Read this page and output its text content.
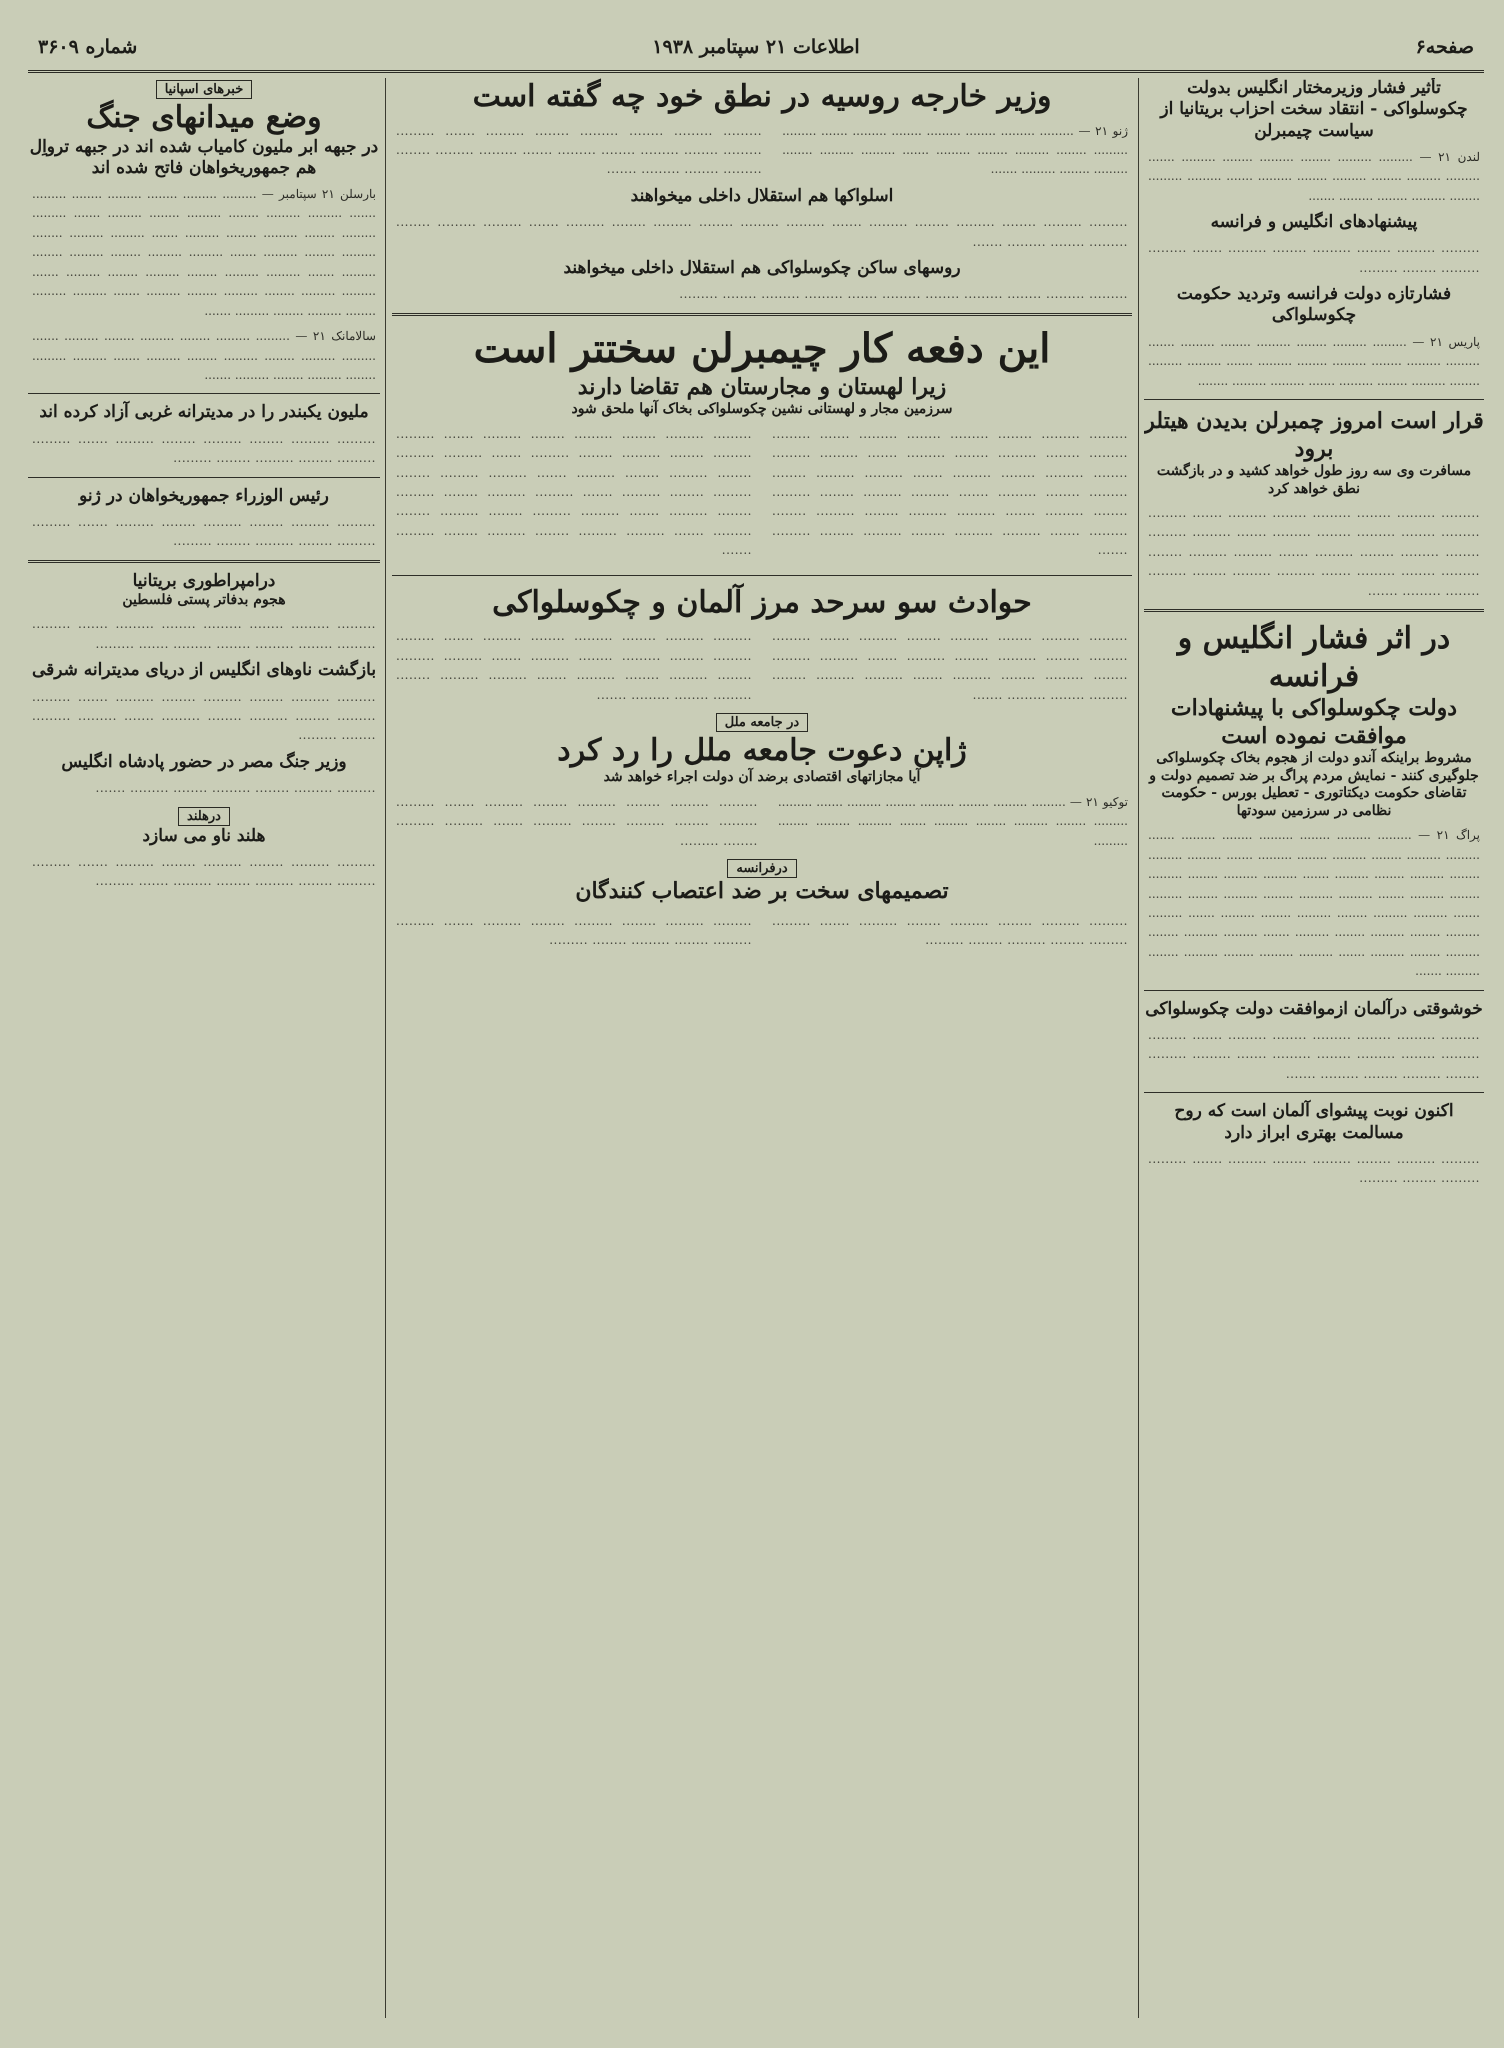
صفحه۶
اطلاعات ۲۱ سپتامبر ۱۹۳۸
شماره ۳۶۰۹

تأثیر فشار وزیرمختار انگلیس بدولت چکوسلواکی - انتقاد سخت احزاب بریتانیا از سیاست چیمبرلن

لندن ۲۱ — ......... ......... ........ ......... ........ ......... ....... ......... ......... ........ ......... ........ ......... ....... ......... ......... ........ ......... ........ ......... .......

پیشنهادهای انگلیس و فرانسه

......... ......... ........ ......... ........ ......... ....... ......... ......... ........ .........

فشارتازه دولت فرانسه وتردید حکومت چکوسلواکی

پاریس ۲۱ — ......... ......... ........ ......... ........ ......... ....... ......... ......... ........ ......... ........ ......... ....... ......... ......... ........ ......... ........ ......... ....... ......... ......... ........

قرار است امروز چمبرلن بدیدن هیتلر برود

مسافرت وی سه روز طول خواهد کشید و در بازگشت نطق خواهد کرد

......... ......... ........ ......... ........ ......... ....... ......... ......... ........ ......... ........ ......... ....... ......... ......... ........ ......... ........ ......... ....... ......... ......... ........ ......... ........ ......... ....... ......... ......... ........ ......... ........ ......... .......

در اثر فشار انگلیس و فرانسه

دولت چکوسلواکی با پیشنهادات موافقت نموده است

مشروط براینکه آندو دولت از هجوم بخاک چکوسلواکی جلوگیری کنند - نمایش مردم پراگ بر ضد تصمیم دولت و تقاضای حکومت دیکتاتوری - تعطیل بورس - حکومت نظامی در سرزمین سودتها

پراگ ۲۱ — ......... ......... ........ ......... ........ ......... ....... ......... ......... ........ ......... ........ ......... ....... ......... ......... ........ ......... ........ ......... ....... ......... ......... ........ ......... ........ ......... ....... ......... ......... ........ ......... ........ ......... ....... ......... ......... ........ ......... ........ ......... ....... ......... ......... ........ ......... ........ ......... ....... ......... ......... ........ ......... ........ ......... ....... ......... ......... ........ ......... ........ ......... .......

خوشوقتی درآلمان ازموافقت دولت چکوسلواکی

......... ......... ........ ......... ........ ......... ....... ......... ......... ........ ......... ........ ......... ....... ......... ......... ........ ......... ........ ......... .......

اکنون نوبت پیشوای آلمان است که روح مسالمت بهتری ابراز دارد

......... ......... ........ ......... ........ ......... ....... ......... ......... ........ .........

وزیر خارجه روسیه در نطق خود چه گفته است

ژنو ۲۱ — ......... ......... ........ ......... ........ ......... ....... ......... ......... ........ ......... ........ ......... ....... ......... ......... ........ ......... ........ ......... .......

......... ......... ........ ......... ........ ......... ....... ......... ......... ........ ......... ........ ......... ....... ......... ......... ........ ......... ........ ......... .......

اسلواکها هم استقلال داخلی میخواهند

......... ......... ........ ......... ........ ......... ....... ......... ......... ........ ......... ........ ......... ....... ......... ......... ........ ......... ........ ......... .......

روسهای ساکن چکوسلواکی هم استقلال داخلی میخواهند

......... ......... ........ ......... ........ ......... ....... ......... ......... ........ .........

این دفعه کار چیمبرلن سختتر است

زیرا لهستان و مجارستان هم تقاضا دارند

سرزمین مجار و لهستانی نشین چکوسلواکی بخاک آنها ملحق شود

......... ......... ........ ......... ........ ......... ....... ......... ......... ........ ......... ........ ......... ....... ......... ......... ........ ......... ........ ......... ....... ......... ......... ........ ......... ........ ......... ....... ......... ......... ........ ......... ........ ......... ....... ......... ......... ........ ......... ........ ......... ....... ......... ......... ........ ......... ........ ......... .......

......... ......... ........ ......... ........ ......... ....... ......... ......... ........ ......... ........ ......... ....... ......... ......... ........ ......... ........ ......... ....... ......... ......... ........ ......... ........ ......... ....... ......... ......... ........ ......... ........ ......... ....... ......... ......... ........ ......... ........ ......... ....... ......... ......... ........ ......... ........ ......... .......

حوادث سو سرحد مرز آلمان و چکوسلواکی

......... ......... ........ ......... ........ ......... ....... ......... ......... ........ ......... ........ ......... ....... ......... ......... ........ ......... ........ ......... ....... ......... ......... ........ ......... ........ ......... .......

......... ......... ........ ......... ........ ......... ....... ......... ......... ........ ......... ........ ......... ....... ......... ......... ........ ......... ........ ......... ....... ......... ......... ........ ......... ........ ......... .......

در جامعه ملل

ژاپن دعوت جامعه ملل را رد کرد

آیا مجازاتهای اقتصادی برضد آن دولت اجراء خواهد شد

توکیو ۲۱ — ......... ......... ........ ......... ........ ......... ....... ......... ......... ........ ......... ........ ......... ....... ......... ......... ........ .........

......... ......... ........ ......... ........ ......... ....... ......... ......... ........ ......... ........ ......... ....... ......... ......... ........ .........

درفرانسه

تصمیمهای سخت بر ضد اعتصاب کنندگان

......... ......... ........ ......... ........ ......... ....... ......... ......... ........ ......... ........ .........

......... ......... ........ ......... ........ ......... ....... ......... ......... ........ ......... ........ .........

خبرهای اسپانیا

وضع میدانهای جنگ

در جبهه ابر ملیون کامیاب شده اند در جبهه ترواِل هم جمهوریخواهان فاتح شده اند

بارسلن ۲۱ سپتامبر — ......... ......... ........ ......... ........ ......... ....... ......... ......... ........ ......... ........ ......... ....... ......... ......... ........ ......... ........ ......... ....... ......... ......... ........ ......... ........ ......... ....... ......... ......... ........ ......... ........ ......... ....... ......... ......... ........ ......... ........ ......... ....... ......... ......... ........ ......... ........ ......... ....... ......... ......... ........ ......... ........ ......... .......

سالامانک ۲۱ — ......... ......... ........ ......... ........ ......... ....... ......... ......... ........ ......... ........ ......... ....... ......... ......... ........ ......... ........ ......... .......

ملیون یکبندر را در مدیترانه غربی آزاد کرده اند

......... ......... ........ ......... ........ ......... ....... ......... ......... ........ ......... ........ .........

رئیس الوزراء جمهوریخواهان در ژنو

......... ......... ........ ......... ........ ......... ....... ......... ......... ........ ......... ........ .........

درامپراطوری بریتانیا

هجوم بدفاتر پستی فلسطین

......... ......... ........ ......... ........ ......... ....... ......... ......... ........ ......... ........ ......... ....... .........

بازگشت ناوهای انگلیس از دریای مدیترانه شرقی

......... ......... ........ ......... ........ ......... ....... ......... ......... ........ ......... ........ ......... ....... ......... ......... ........ .........

وزیر جنگ مصر در حضور پادشاه انگلیس

......... ......... ........ ......... ........ ......... .......

درهلند

هلند ناو می سازد

......... ......... ........ ......... ........ ......... ....... ......... ......... ........ ......... ........ ......... ....... .........
